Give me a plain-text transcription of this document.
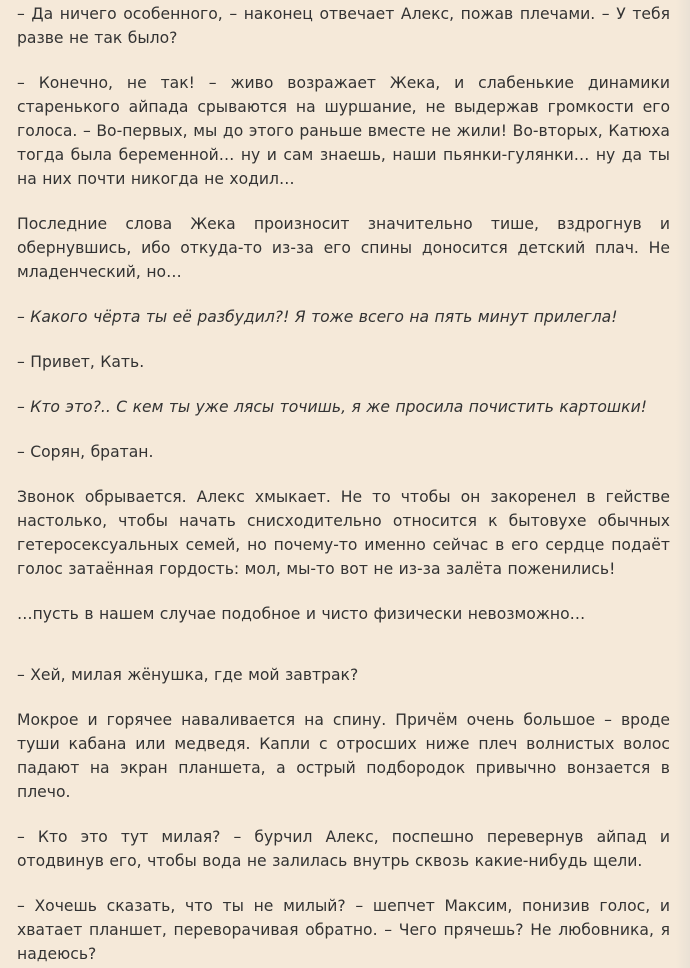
– Да ничего особенного, – наконец отвечает Алекс, пожав плечами. – У тебя разве не так было?

– Конечно, не так! – живо возражает Жека, и слабенькие динамики старенького айпада срываются на шуршание, не выдержав громкости его голоса. – Во-первых, мы до этого раньше вместе не жили! Во-вторых, Катюха тогда была беременной… ну и сам знаешь, наши пьянки-гулянки… ну да ты на них почти никогда не ходил…

Последние слова Жека произносит значительно тише, вздрогнув и обернувшись, ибо откуда-то из-за его спины доносится детский плач. Не младенческий, но…

– Какого чёрта ты её разбудил?! Я тоже всего на пять минут прилегла!

– Привет, Кать.

– Кто это?.. С кем ты уже лясы точишь, я же просила почистить картошки!

– Сорян, братан.

Звонок обрывается. Алекс хмыкает. Не то чтобы он закоренел в гействе настолько, чтобы начать снисходительно относится к бытовухе обычных гетеросексуальных семей, но почему-то именно сейчас в его сердце подаёт голос затаённая гордость: мол, мы-то вот не из-за залёта поженились!

…пусть в нашем случае подобное и чисто физически невозможно…

– Хей, милая жёнушка, где мой завтрак?

Мокрое и горячее наваливается на спину. Причём очень большое – вроде туши кабана или медведя. Капли с отросших ниже плеч волнистых волос падают на экран планшета, а острый подбородок привычно вонзается в плечо.

– Кто это тут милая? – бурчил Алекс, поспешно перевернув айпад и отодвинув его, чтобы вода не залилась внутрь сквозь какие-нибудь щели.

– Хочешь сказать, что ты не милый? – шепчет Максим, понизив голос, и хватает планшет, переворачивая обратно. – Чего прячешь? Не любовника, я надеюсь?
